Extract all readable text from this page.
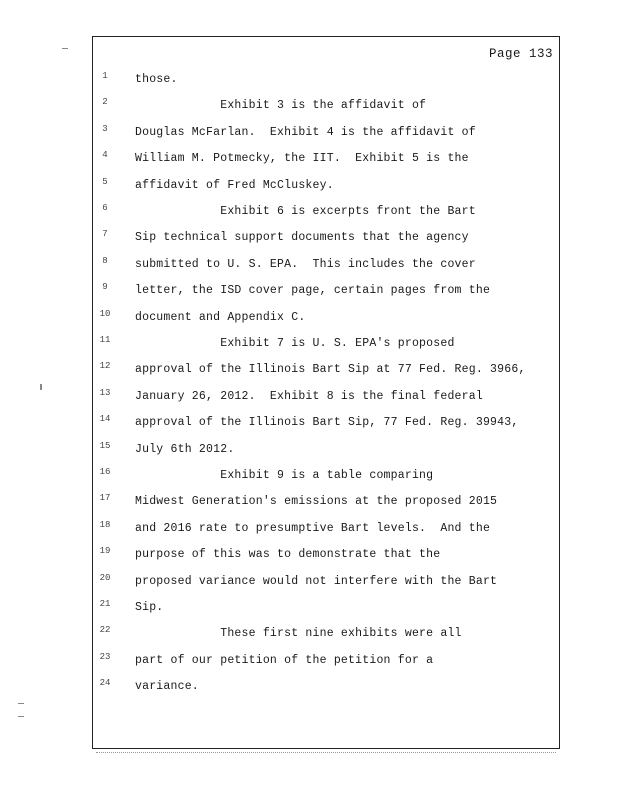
Page 133
1	those.
2	Exhibit 3 is the affidavit of
3	Douglas McFarlan.  Exhibit 4 is the affidavit of
4	William M. Potmecky, the IIT.  Exhibit 5 is the
5	affidavit of Fred McCluskey.
6	Exhibit 6 is excerpts front the Bart
7	Sip technical support documents that the agency
8	submitted to U. S. EPA.  This includes the cover
9	letter, the ISD cover page, certain pages from the
10	document and Appendix C.
11	Exhibit 7 is U. S. EPA's proposed
12	approval of the Illinois Bart Sip at 77 Fed. Reg. 3966,
13	January 26, 2012.  Exhibit 8 is the final federal
14	approval of the Illinois Bart Sip, 77 Fed. Reg. 39943,
15	July 6th 2012.
16	Exhibit 9 is a table comparing
17	Midwest Generation's emissions at the proposed 2015
18	and 2016 rate to presumptive Bart levels.  And the
19	purpose of this was to demonstrate that the
20	proposed variance would not interfere with the Bart
21	Sip.
22	These first nine exhibits were all
23	part of our petition of the petition for a
24	variance.
